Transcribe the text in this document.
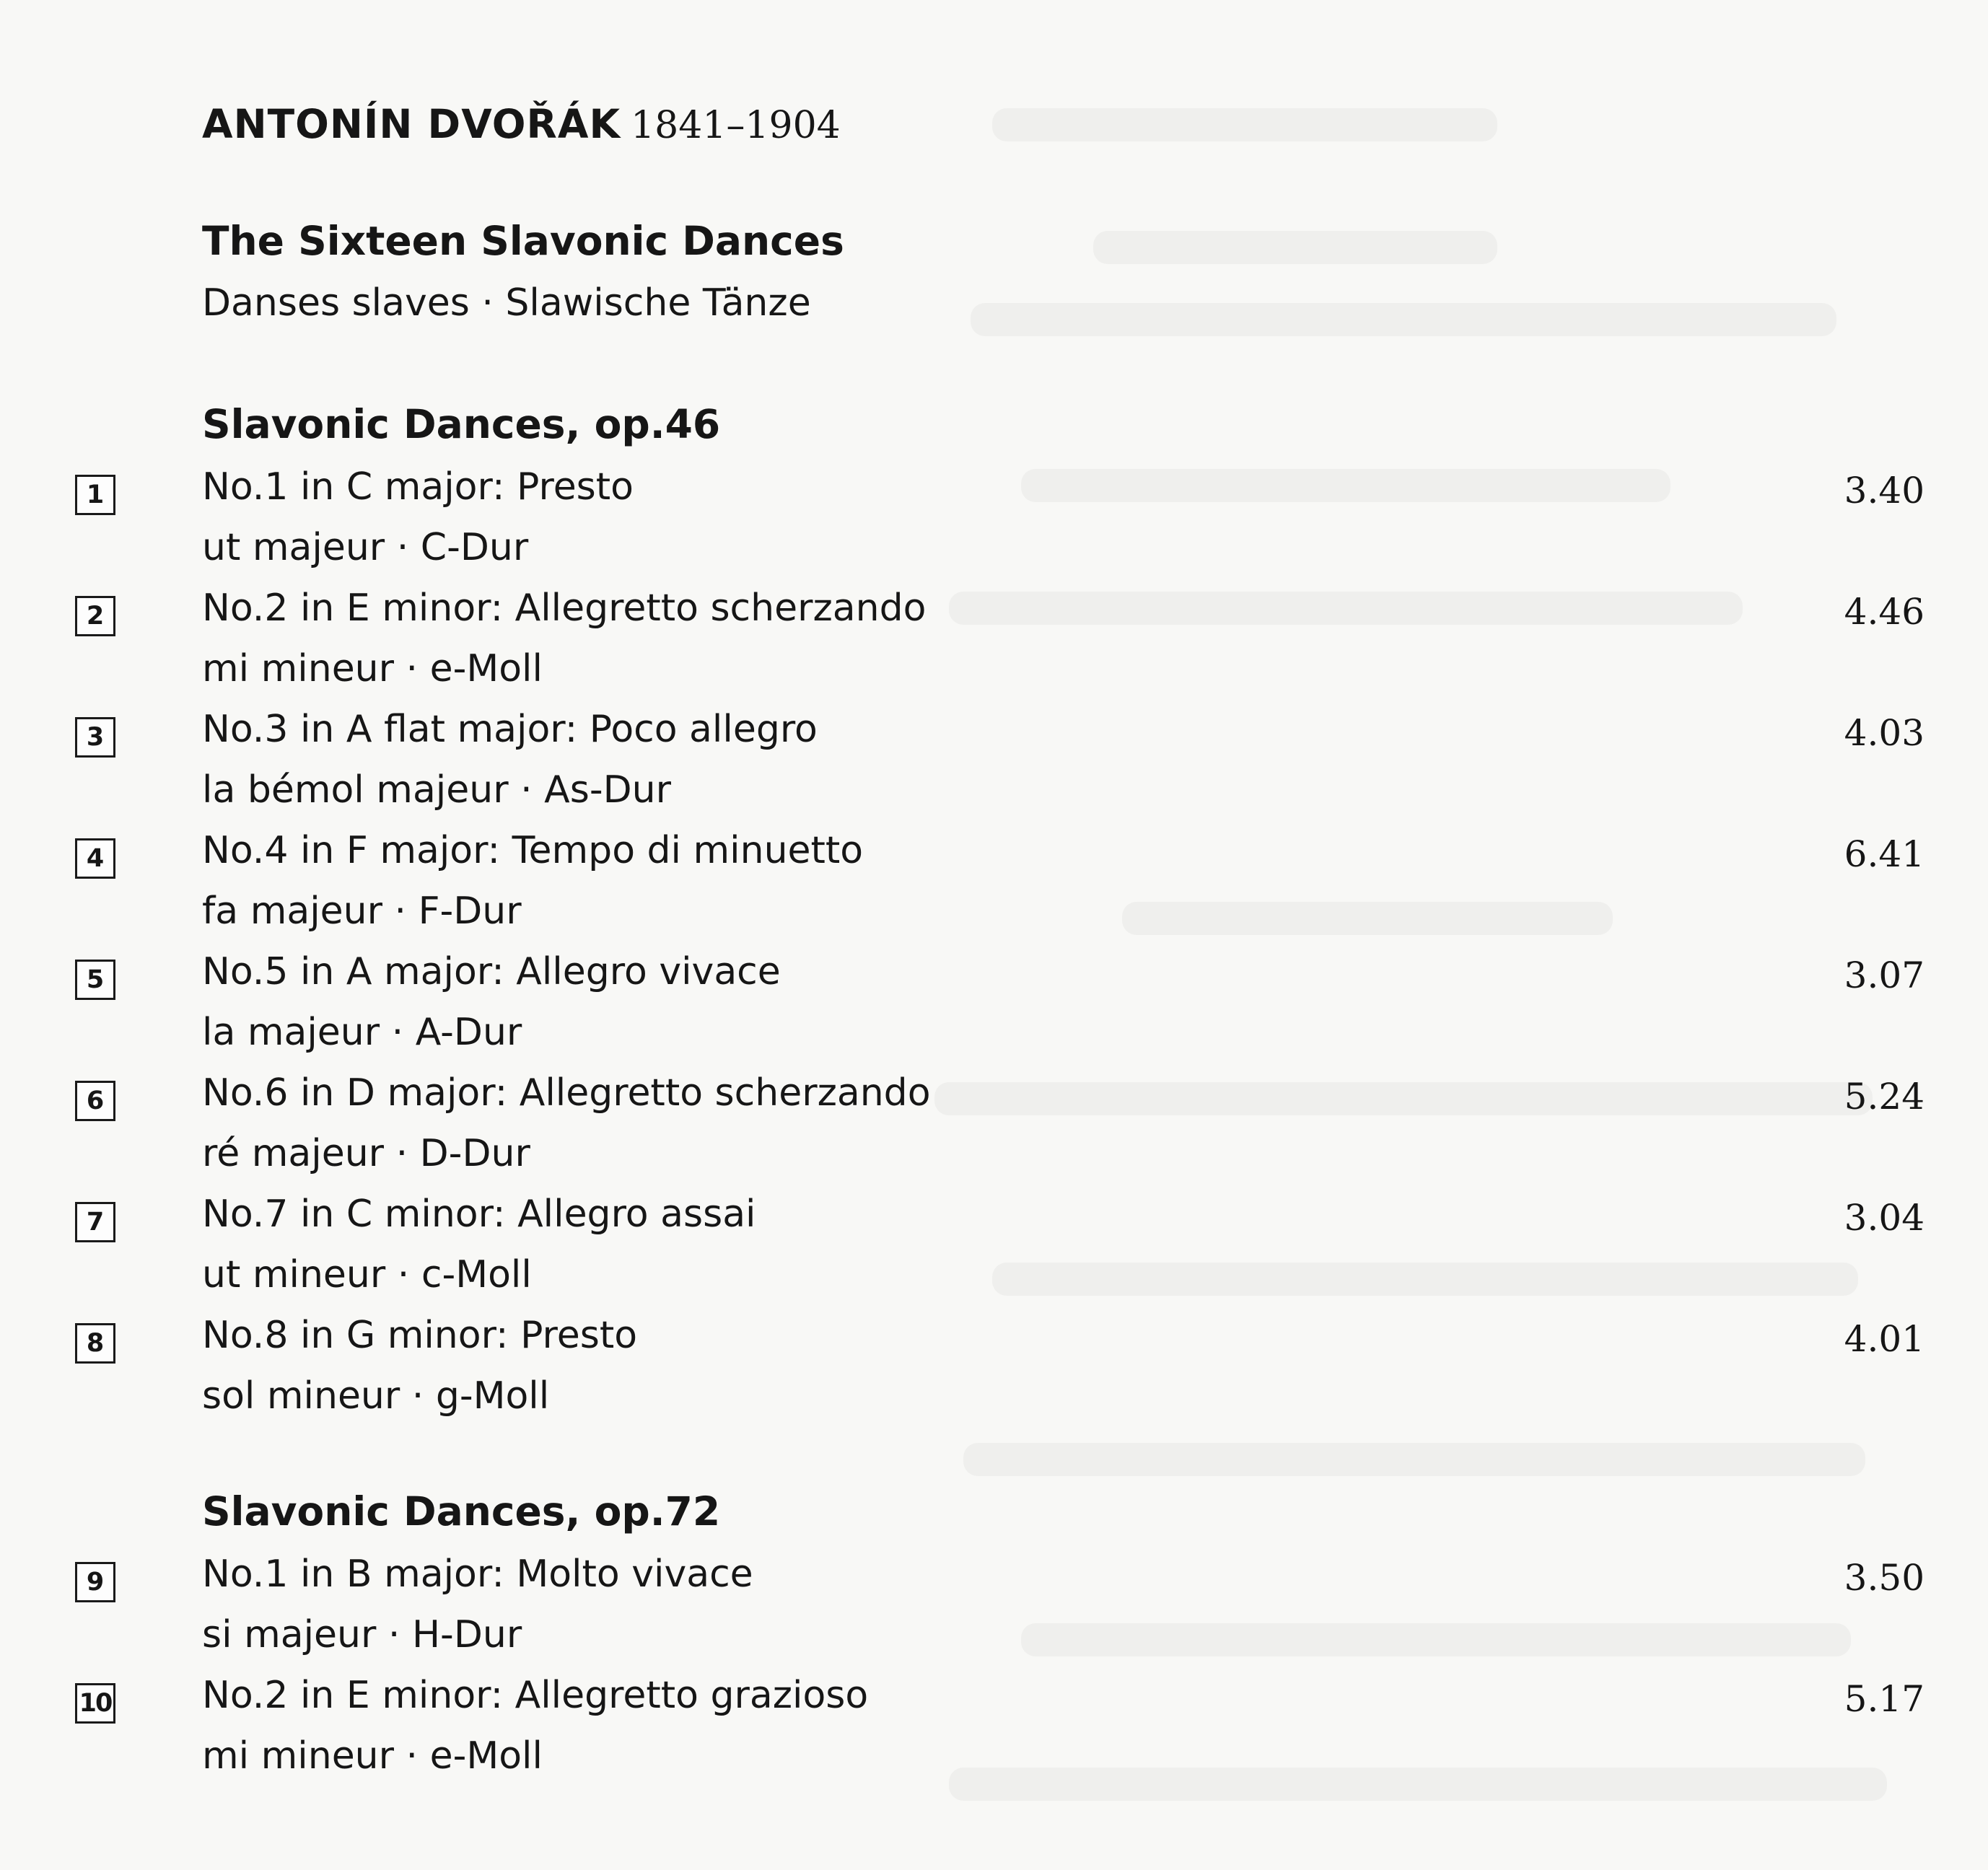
ANTONÍN DVOŘÁK 1841–1904
The Sixteen Slavonic Dances
Danses slaves · Slawische Tänze
Slavonic Dances, op.46
1	No.1 in C major: Presto
ut majeur · C-Dur
3.40
2	No.2 in E minor: Allegretto scherzando
mi mineur · e-Moll
4.46
3	No.3 in A flat major: Poco allegro
la bémol majeur · As-Dur
4.03
4	No.4 in F major: Tempo di minuetto
fa majeur · F-Dur
6.41
5	No.5 in A major: Allegro vivace
la majeur · A-Dur
3.07
6	No.6 in D major: Allegretto scherzando
ré majeur · D-Dur
5.24
7	No.7 in C minor: Allegro assai
ut mineur · c-Moll
3.04
8	No.8 in G minor: Presto
sol mineur · g-Moll
4.01
Slavonic Dances, op.72
9	No.1 in B major: Molto vivace
si majeur · H-Dur
3.50
10 No.2 in E minor: Allegretto grazioso
mi mineur · e-Moll
5.17
